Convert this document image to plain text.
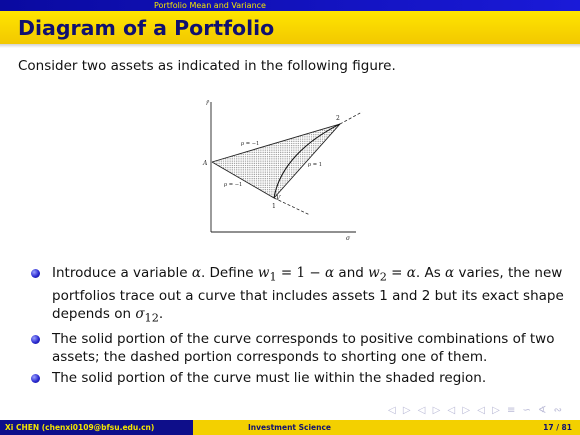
Portfolio Mean and Variance
Diagram of a Portfolio
Consider two assets as indicated in the following figure.
r̄
σ
2
A
1
V
ρ = −1
ρ = 1
ρ = −1
Introduce a variable α. Define $w_1 = 1 - \alpha$ and $w_2 = \alpha$. As α varies, the new portfolios trace out a curve that includes assets 1 and 2 but its exact shape depends on $\sigma_{12}$.
The solid portion of the curve corresponds to positive combinations of two assets; the dashed portion corresponds to shorting one of them.
The solid portion of the curve must lie within the shaded region.
◁ ▷ ◁ ▷ ◁ ▷ ◁ ▷ ≡ ∽ ∢ ∾
Xi CHEN (chenxi0109@bfsu.edu.cn)	Investment Science	17 / 81
